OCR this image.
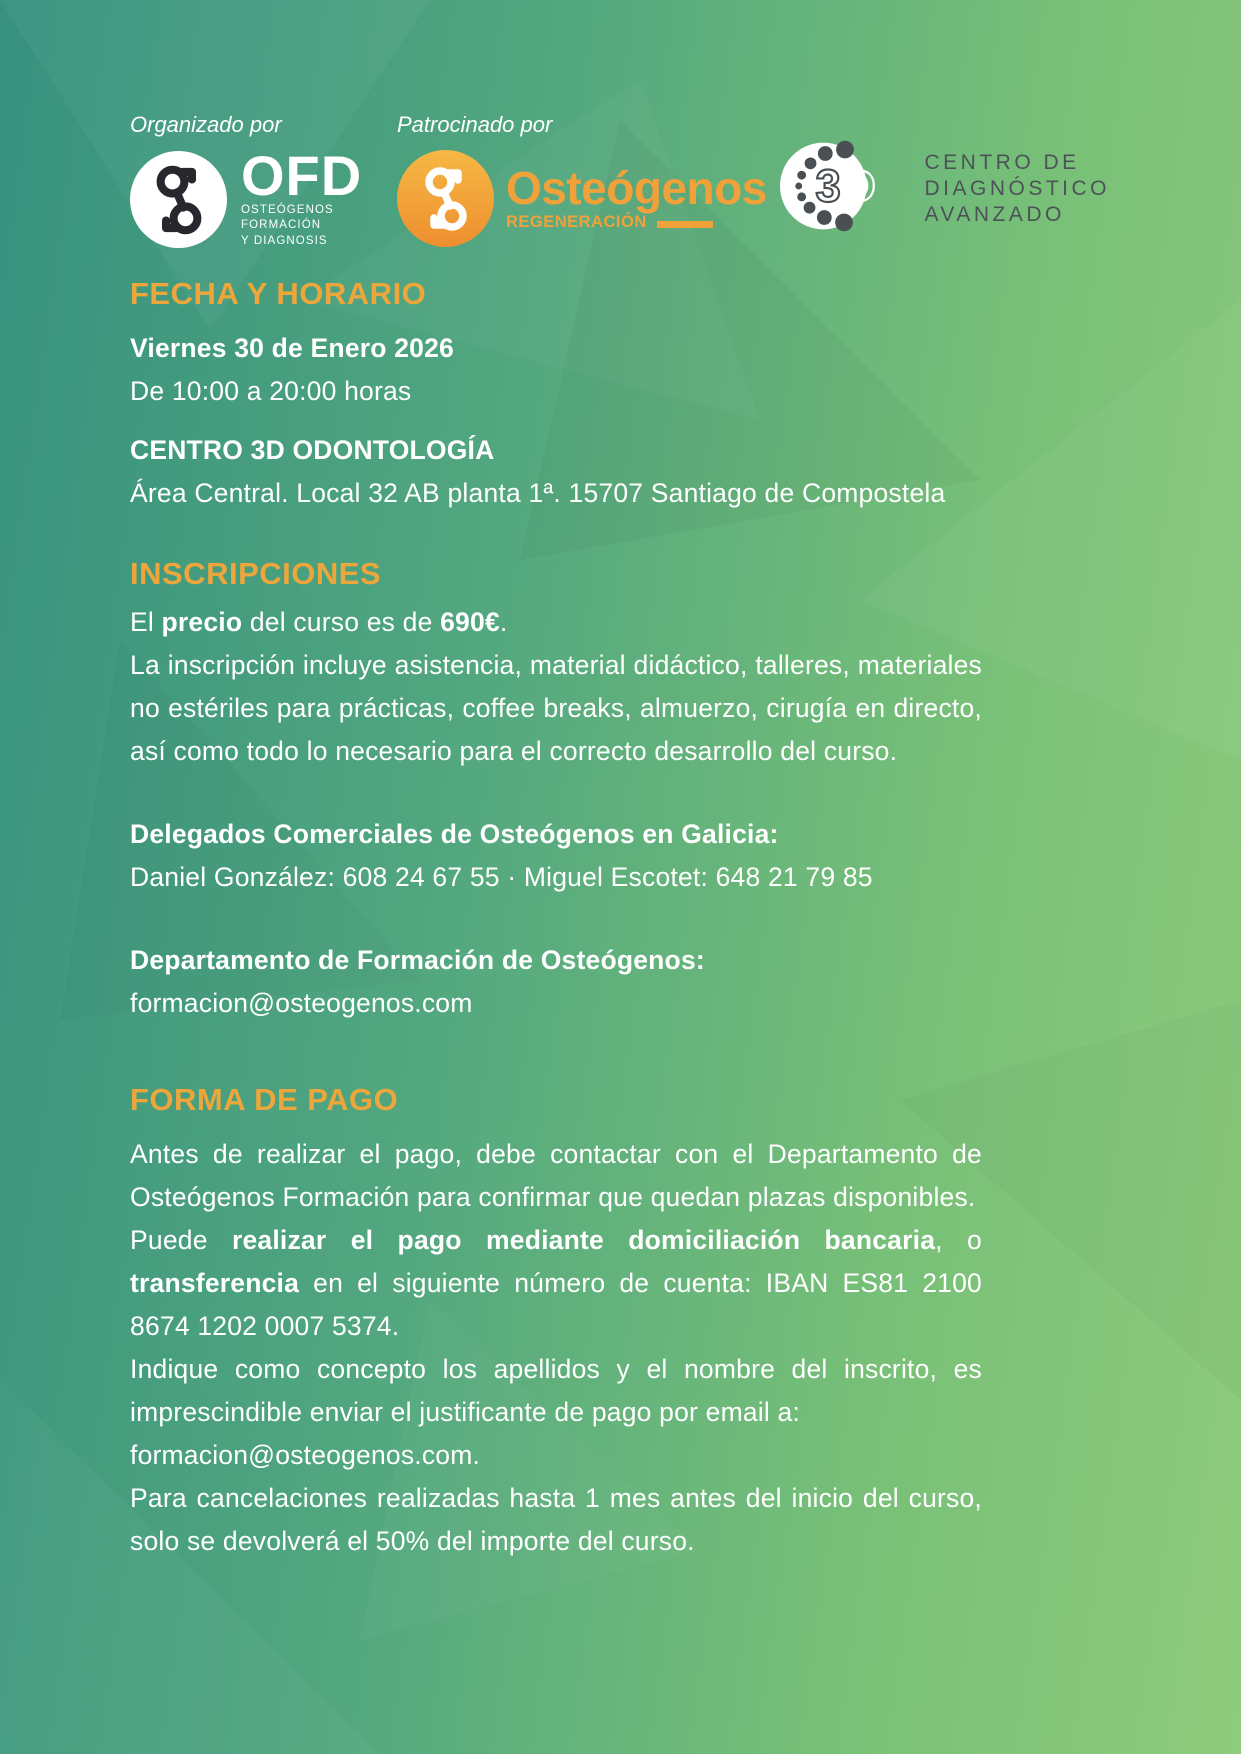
Organizado por
OFD
OSTEÓGENOS FORMACIÓN
Y DIAGNOSIS
Patrocinado por
Osteógenos
REGENERACIÓN
3 D CENTRO DE
DIAGNÓSTICO
AVANZADO
FECHA Y HORARIO

Viernes 30 de Enero 2026

De 10:00 a 20:00 horas

CENTRO 3D ODONTOLOGÍA

Área Central. Local 32 AB planta 1ª. 15707 Santiago de Compostela

INSCRIPCIONES

El precio del curso es de 690€.

La inscripción incluye asistencia, material didáctico, talleres, materiales no estériles para prácticas, coffee breaks, almuerzo, cirugía en directo, así como todo lo necesario para el correcto desarrollo del curso.

Delegados Comerciales de Osteógenos en Galicia:

Daniel González: 608 24 67 55 · Miguel Escotet: 648 21 79 85

Departamento de Formación de Osteógenos:

formacion@osteogenos.com

FORMA DE PAGO

Antes de realizar el pago, debe contactar con el Departamento de Osteógenos Formación para confirmar que quedan plazas disponibles.

Puede realizar el pago mediante domiciliación bancaria, o transferencia en el siguiente número de cuenta: IBAN ES81 2100 8674 1202 0007 5374.

Indique como concepto los apellidos y el nombre del inscrito, es imprescindible enviar el justificante de pago por email a:
formacion@osteogenos.com.

Para cancelaciones realizadas hasta 1 mes antes del inicio del curso, solo se devolverá el 50% del importe del curso.
